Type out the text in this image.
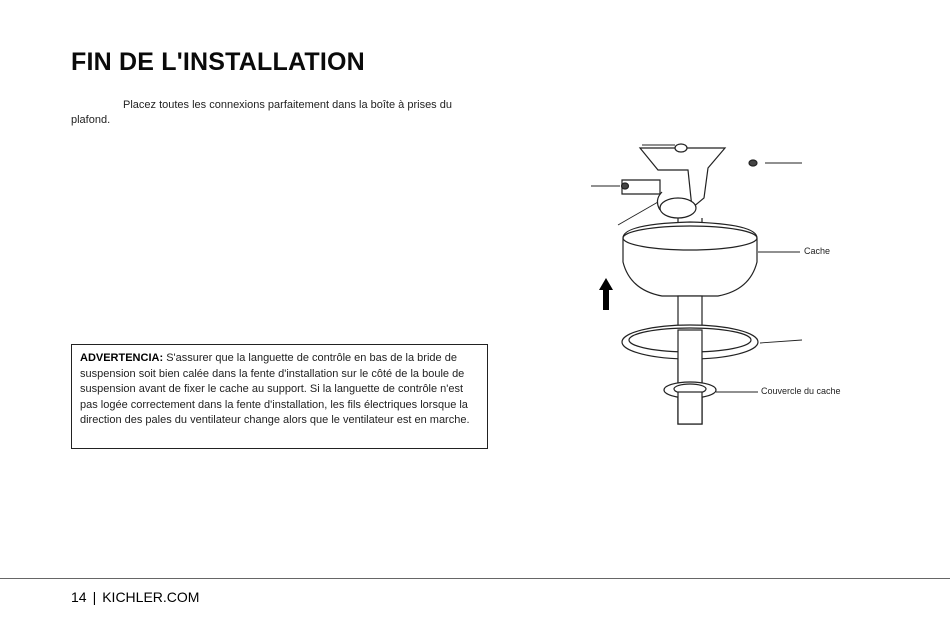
FIN DE L'INSTALLATION

Placez toutes les connexions parfaitement dans la boîte à prises du plafond.

ADVERTENCIA: S'assurer que la languette de contrôle en bas de la bride de suspension soit bien calée dans la fente d'installation sur le côté de la boule de suspension avant de fixer le cache au support. Si la languette de contrôle n'est pas logée correctement dans la fente d'installation, les fils électriques lorsque la direction des pales du ventilateur change alors que le ventilateur est en marche.
Cache
Couvercle du cache
14 | KICHLER.COM
